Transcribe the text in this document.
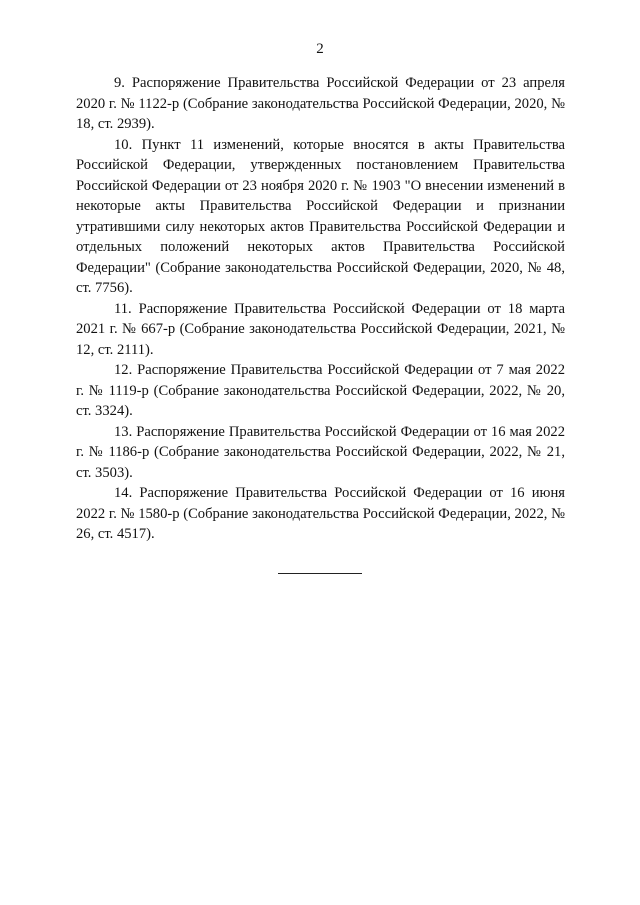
2

9. Распоряжение Правительства Российской Федерации от 23 апреля 2020 г. № 1122-р (Собрание законодательства Российской Федерации, 2020, № 18, ст. 2939).

10. Пункт 11 изменений, которые вносятся в акты Правительства Российской Федерации, утвержденных постановлением Правительства Российской Федерации от 23 ноября 2020 г. № 1903 "О внесении изменений в некоторые акты Правительства Российской Федерации и признании утратившими силу некоторых актов Правительства Российской Федерации и отдельных положений некоторых актов Правительства Российской Федерации" (Собрание законодательства Российской Федерации, 2020, № 48, ст. 7756).

11. Распоряжение Правительства Российской Федерации от 18 марта 2021 г. № 667-р (Собрание законодательства Российской Федерации, 2021, № 12, ст. 2111).

12. Распоряжение Правительства Российской Федерации от 7 мая 2022 г. № 1119-р (Собрание законодательства Российской Федерации, 2022, № 20, ст. 3324).

13. Распоряжение Правительства Российской Федерации от 16 мая 2022 г. № 1186-р (Собрание законодательства Российской Федерации, 2022, № 21, ст. 3503).

14. Распоряжение Правительства Российской Федерации от 16 июня 2022 г. № 1580-р (Собрание законодательства Российской Федерации, 2022, № 26, ст. 4517).
